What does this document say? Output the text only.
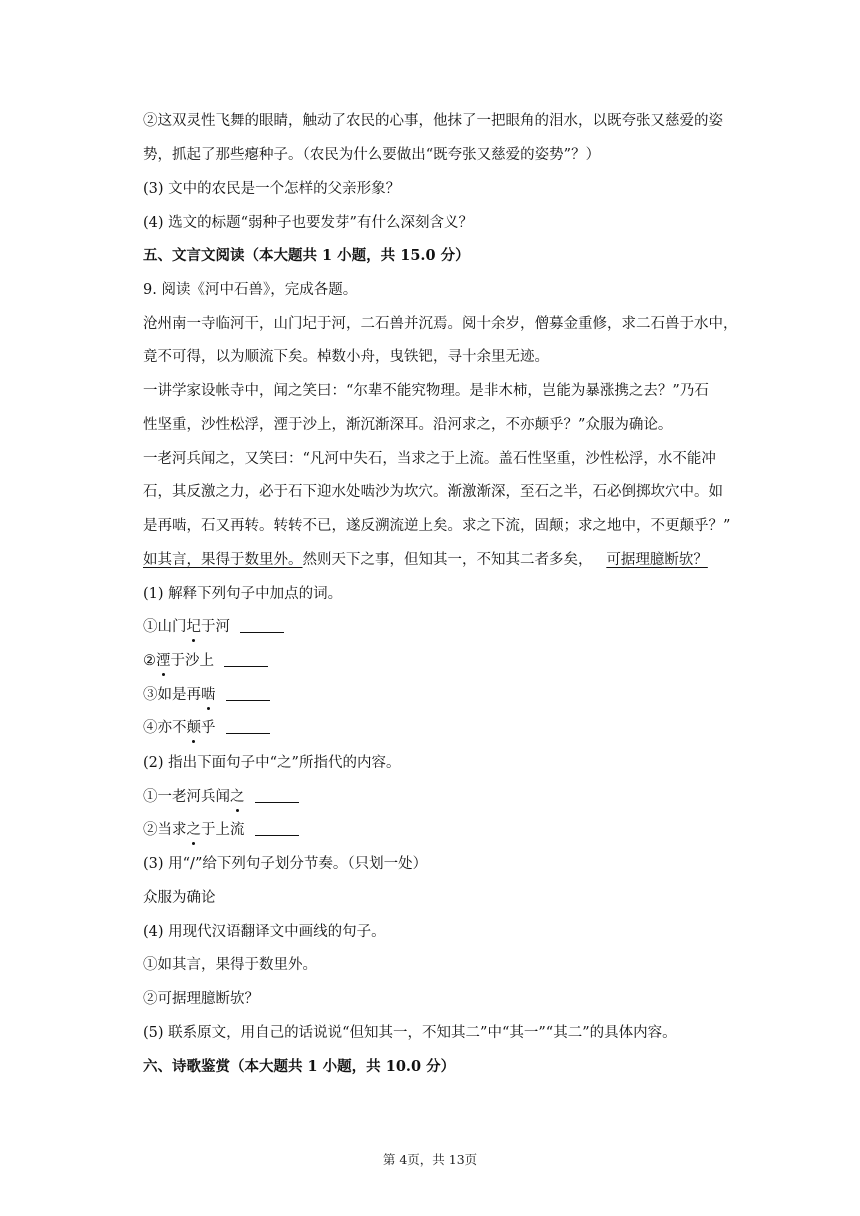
②这双灵性飞舞的眼睛，触动了农民的心事，他抹了一把眼角的泪水，以既夸张又慈爱的姿
势，抓起了那些瘪种子。（农民为什么要做出“既夸张又慈爱的姿势”？）
(3) 文中的农民是一个怎样的父亲形象？
(4) 选文的标题“弱种子也要发芽”有什么深刻含义？
五、文言文阅读（本大题共 1 小题，共 15.0 分）
9. 阅读《河中石兽》，完成各题。
沧州南一寺临河干，山门圮于河，二石兽并沉焉。阅十余岁，僧募金重修，求二石兽于水中，
竟不可得，以为顺流下矣。棹数小舟，曳铁钯，寻十余里无迹。
一讲学家设帐寺中，闻之笑曰：“尔辈不能究物理。是非木柿，岂能为暴涨携之去？”乃石
性坚重，沙性松浮，湮于沙上，渐沉渐深耳。沿河求之，不亦颠乎？”众服为确论。
一老河兵闻之，又笑曰：“凡河中失石，当求之于上流。盖石性坚重，沙性松浮，水不能冲
石，其反激之力，必于石下迎水处啮沙为坎穴。渐激渐深，至石之半，石必倒掷坎穴中。如
是再啮，石又再转。转转不已，遂反溯流逆上矣。求之下流，固颠；求之地中，不更颠乎？”
如其言，果得于数里外。然则天下之事，但知其一，不知其二者多矣， 可据理臆断欤？
(1) 解释下列句子中加点的词。
①山门圮于河
②湮于沙上
③如是再啮
④亦不颠乎
(2) 指出下面句子中“之”所指代的内容。
①一老河兵闻之
②当求之于上流
(3) 用“/”给下列句子划分节奏。（只划一处）
众服为确论
(4) 用现代汉语翻译文中画线的句子。
①如其言，果得于数里外。
②可据理臆断欤？
(5) 联系原文，用自己的话说说“但知其一，不知其二”中“其一”“其二”的具体内容。
六、诗歌鉴赏（本大题共 1 小题，共 10.0 分）
第 4页，共 13页
